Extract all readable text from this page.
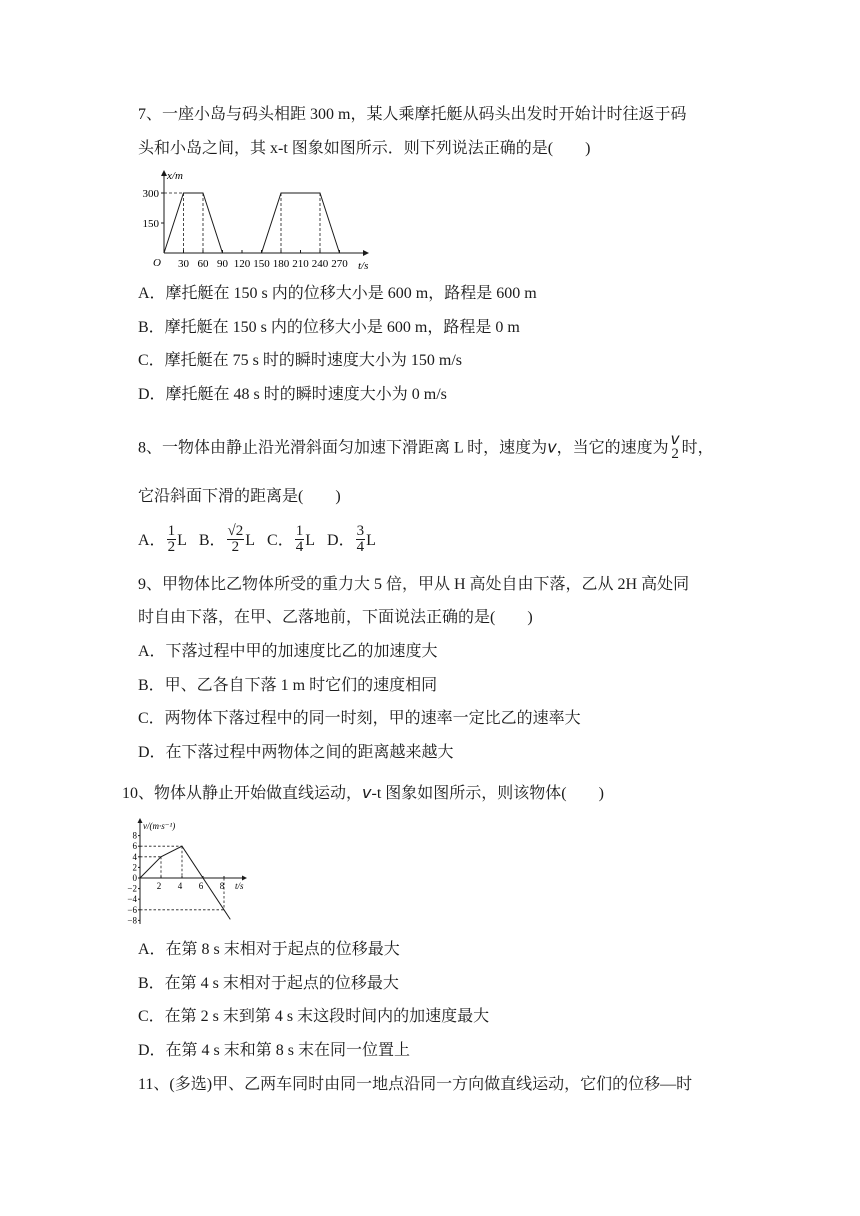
7、一座小岛与码头相距 300 m，某人乘摩托艇从码头出发时开始计时往返于码
头和小岛之间，其 x-t 图象如图所示．则下列说法正确的是(　　)
x/m
t/s
O
150
300
30 60 90 120 150 180 210 240 270
A．摩托艇在 150 s 内的位移大小是 600 m，路程是 600 m
B．摩托艇在 150 s 内的位移大小是 600 m，路程是 0 m
C．摩托艇在 75 s 时的瞬时速度大小为 150 m/s
D．摩托艇在 48 s 时的瞬时速度大小为 0 m/s
8、一物体由静止沿光滑斜面匀加速下滑距离 L 时，速度为v，当它的速度为
v
2 时，
它沿斜面下滑的距离是(　　)
A． $\frac{1}{2}$ L B． $\frac{√2}{2}$ L C． $\frac{1}{4}$ L D． $\frac{3}{4}$ L
9、甲物体比乙物体所受的重力大 5 倍，甲从 H 高处自由下落，乙从 2H 高处同
时自由下落，在甲、乙落地前，下面说法正确的是(　　)
A．下落过程中甲的加速度比乙的加速度大
B．甲、乙各自下落 1 m 时它们的速度相同
C．两物体下落过程中的同一时刻，甲的速率一定比乙的速率大
D．在下落过程中两物体之间的距离越来越大
10、物体从静止开始做直线运动，v-t 图象如图所示，则该物体(　　)
v/(m·s⁻¹)
t/s
8
6
4
2
0
−2
−4
−6
−8
2 4 6 8
A．在第 8 s 末相对于起点的位移最大
B．在第 4 s 末相对于起点的位移最大
C．在第 2 s 末到第 4 s 末这段时间内的加速度最大
D．在第 4 s 末和第 8 s 末在同一位置上
11、(多选)甲、乙两车同时由同一地点沿同一方向做直线运动，它们的位移—时
